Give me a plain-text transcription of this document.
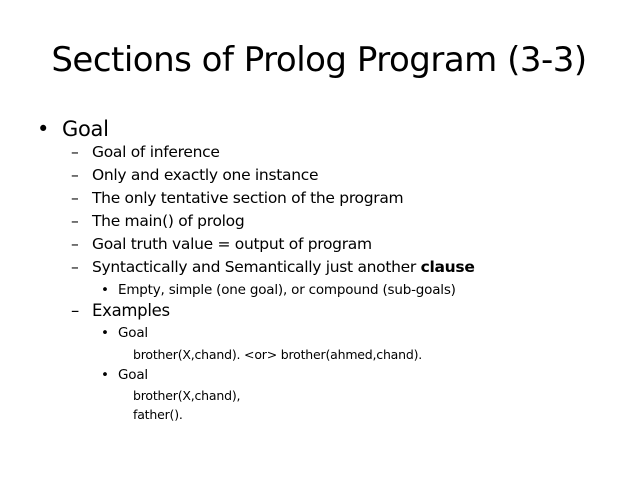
Sections of Prolog Program (3-3)
• Goal
– Goal of inference
– Only and exactly one instance
– The only tentative section of the program
– The main() of prolog
– Goal truth value = output of program
– Syntactically and Semantically just another clause
• Empty, simple (one goal), or compound (sub-goals)
– Examples
• Goal
brother(X,chand). <or> brother(ahmed,chand).
• Goal
brother(X,chand),
father().
